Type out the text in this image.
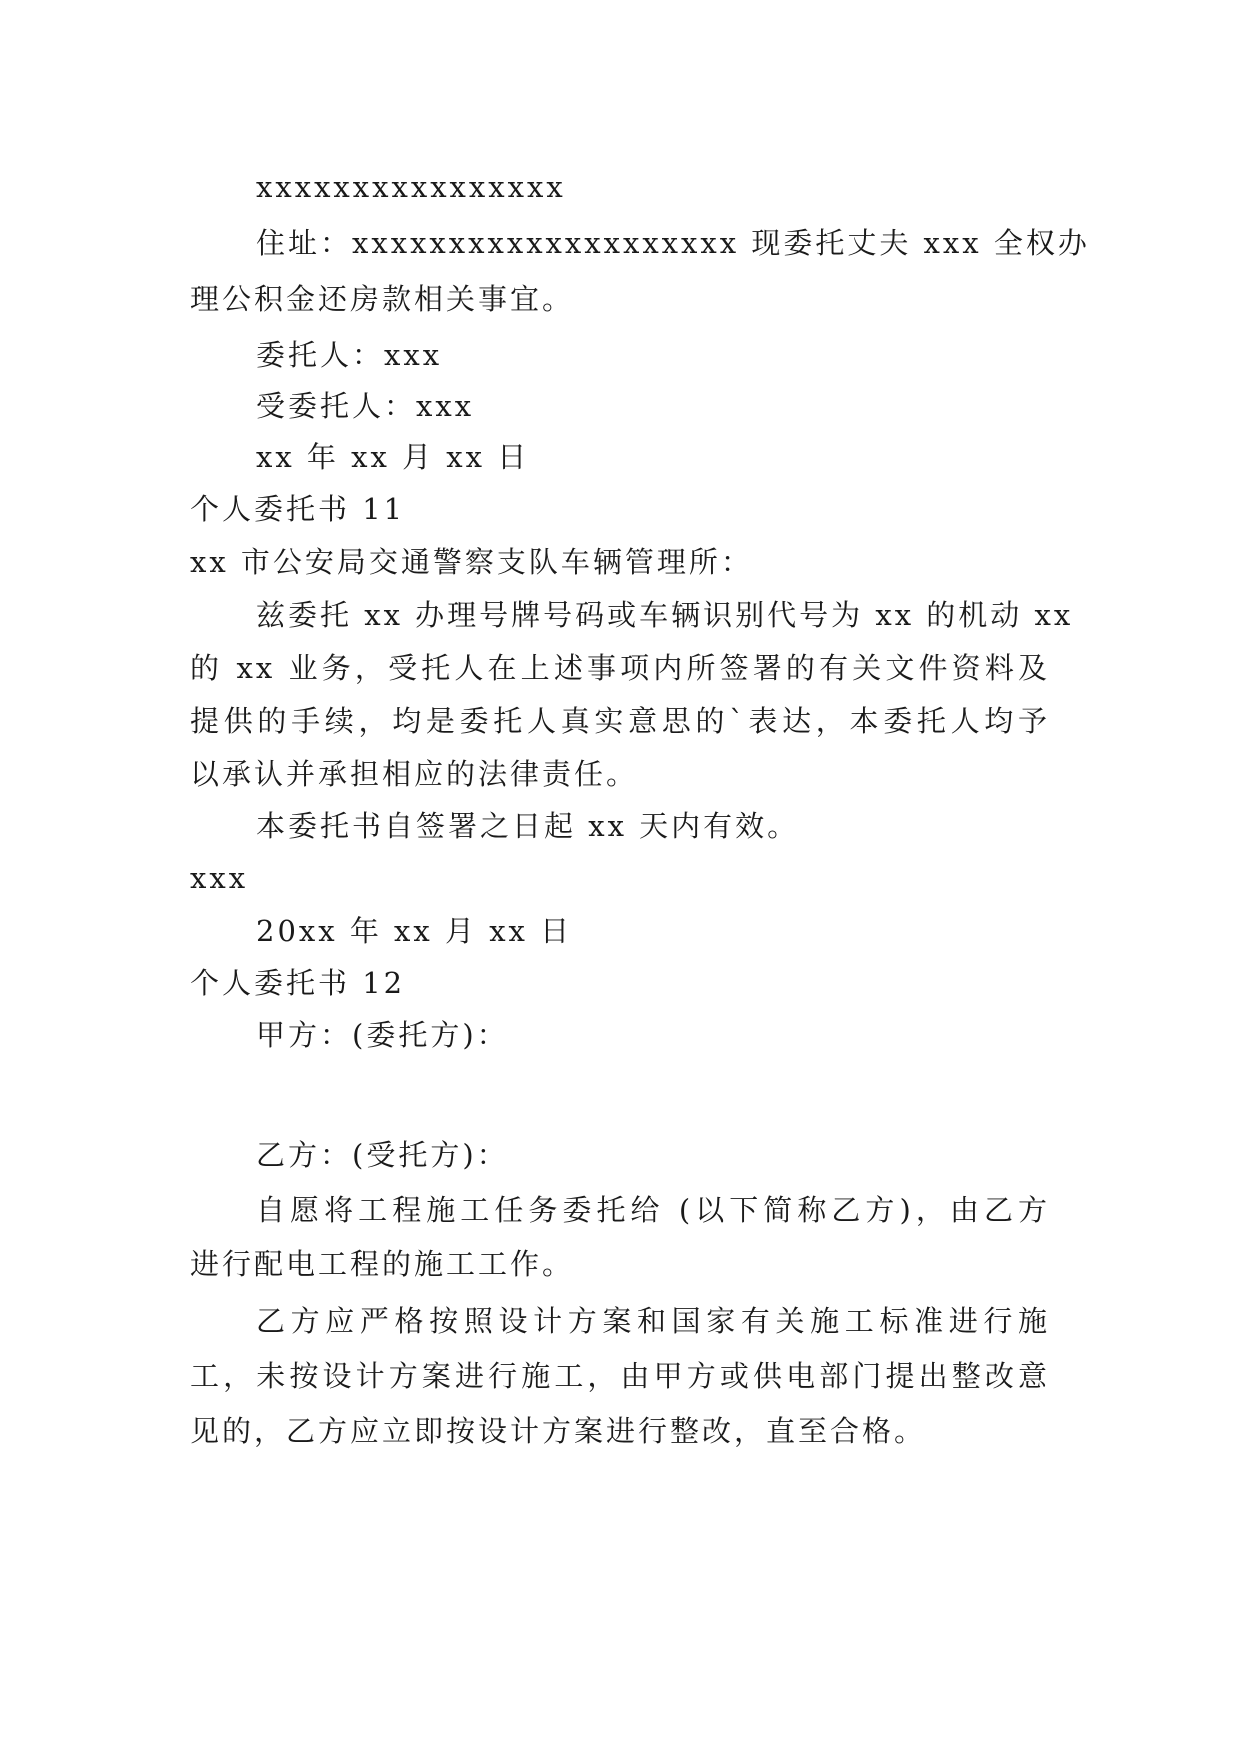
xxxxxxxxxxxxxxxx

住址：xxxxxxxxxxxxxxxxxxxx 现委托丈夫 xxx 全权办

理公积金还房款相关事宜。

委托人：xxx

受委托人：xxx

xx 年 xx 月 xx 日

个人委托书 11

xx 市公安局交通警察支队车辆管理所：

兹委托 xx 办理号牌号码或车辆识别代号为 xx 的机动 xx

的 xx 业务，受托人在上述事项内所签署的有关文件资料及

提供的手续，均是委托人真实意思的`表达，本委托人均予

以承认并承担相应的法律责任。

本委托书自签署之日起 xx 天内有效。

xxx

20xx 年 xx 月 xx 日

个人委托书 12

甲方：(委托方)：

乙方：(受托方)：

自愿将工程施工任务委托给 (以下简称乙方)，由乙方

进行配电工程的施工工作。

乙方应严格按照设计方案和国家有关施工标准进行施

工，未按设计方案进行施工，由甲方或供电部门提出整改意

见的，乙方应立即按设计方案进行整改，直至合格。
